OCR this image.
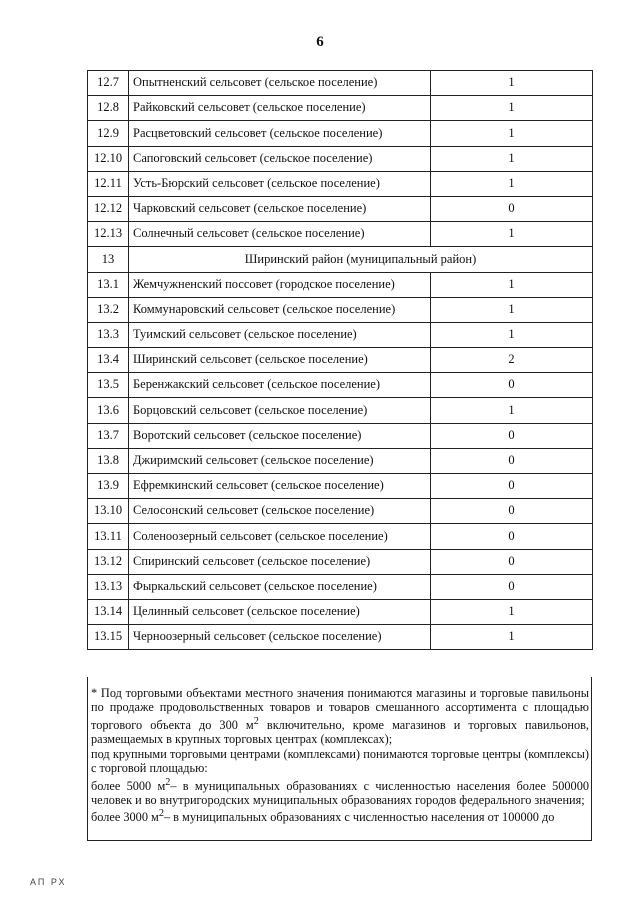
6
12.7	Опытненский сельсовет (сельское поселение)	1
12.8	Райковский сельсовет (сельское поселение)	1
12.9	Расцветовский сельсовет (сельское поселение)	1
12.10	Сапоговский сельсовет (сельское поселение)	1
12.11	Усть-Бюрский сельсовет (сельское поселение)	1
12.12	Чарковский сельсовет (сельское поселение)	0
12.13	Солнечный сельсовет (сельское поселение)	1
13	Ширинский район (муниципальный район)	
13.1	Жемчужненский поссовет (городское поселение)	1
13.2	Коммунаровский сельсовет (сельское поселение)	1
13.3	Туимский сельсовет (сельское поселение)	1
13.4	Ширинский сельсовет (сельское поселение)	2
13.5	Беренжакский сельсовет (сельское поселение)	0
13.6	Борцовский сельсовет (сельское поселение)	1
13.7	Воротский сельсовет (сельское поселение)	0
13.8	Джиримский сельсовет (сельское поселение)	0
13.9	Ефремкинский сельсовет (сельское поселение)	0
13.10	Селосонский сельсовет (сельское поселение)	0
13.11	Соленоозерный сельсовет (сельское поселение)	0
13.12	Спиринский сельсовет (сельское поселение)	0
13.13	Фыркальский сельсовет (сельское поселение)	0
13.14	Целинный сельсовет (сельское поселение)	1
13.15	Черноозерный сельсовет (сельское поселение)	1

* Под торговыми объектами местного значения понимаются магазины и торговые павильоны по продаже продовольственных товаров и товаров смешанного ассортимента с площадью торгового объекта до 300 $м^2$ включительно, кроме магазинов и торговых павильонов, размещаемых в крупных торговых центрах (комплексах);

под крупными торговыми центрами (комплексами) понимаются торговые центры (комплексы) с торговой площадью:

более 5000 $м^2-$ в муниципальных образованиях с численностью населения более 500000 человек и во внутригородских муниципальных образованиях городов федерального значения;

более 3000 $м^2-$ в муниципальных образованиях с численностью населения от 100000 до

АП РХ
